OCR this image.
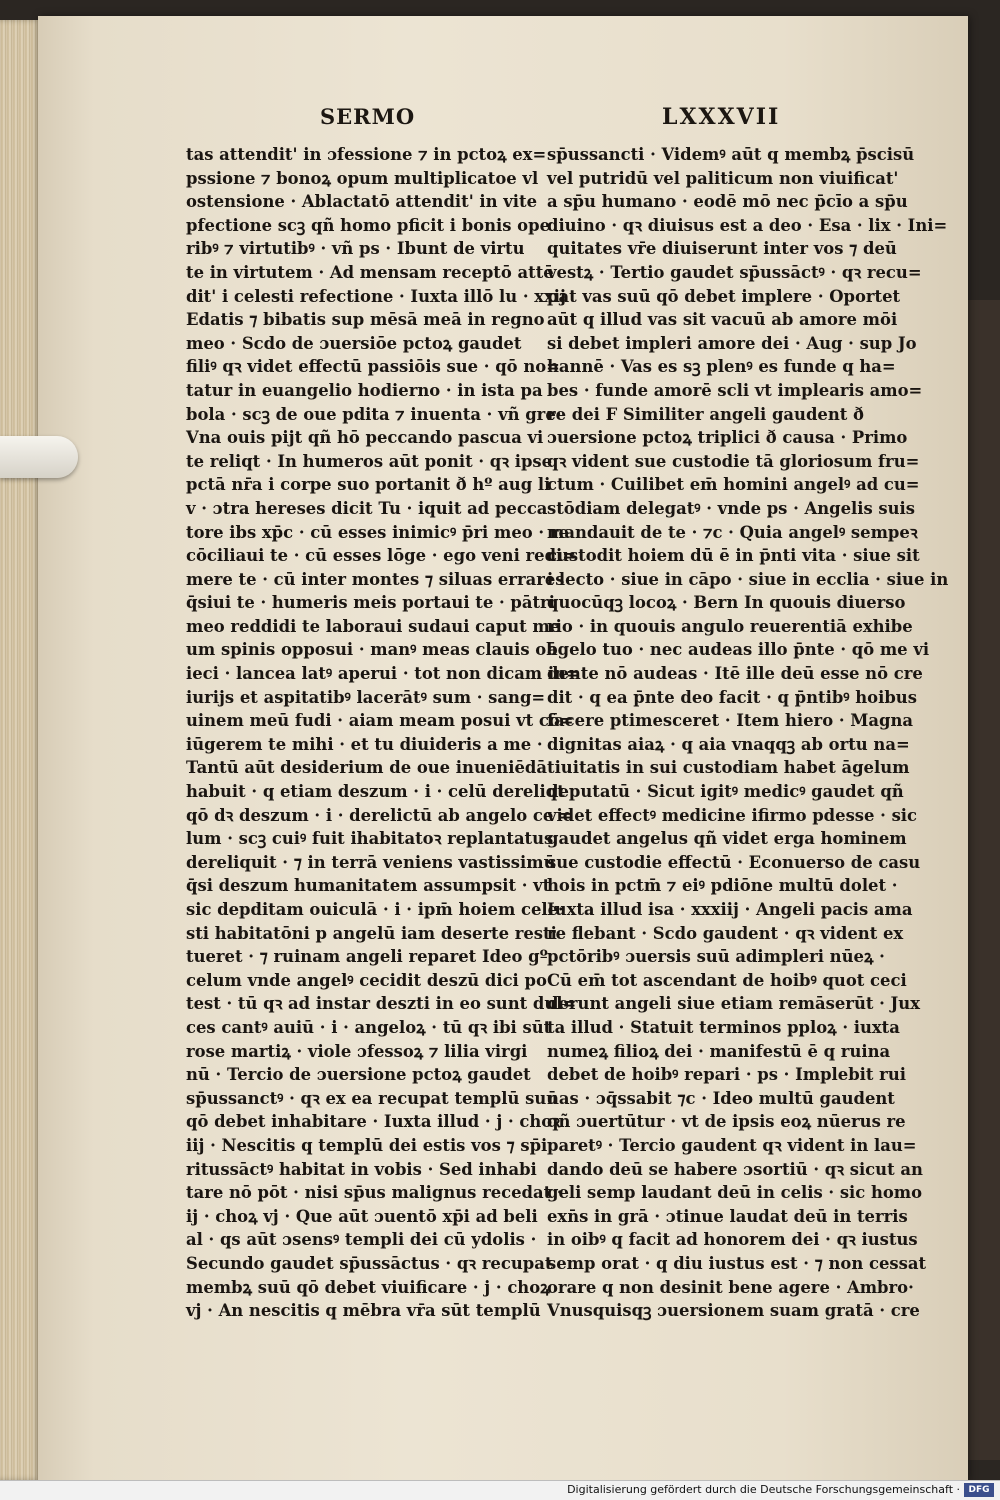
SERMO	LXXXVII
tas attendit' in ɔfessione ⁊ in pctoꝝ ex=
pssione ⁊ bonoꝝ opum multiplicatoe vl
ostensione · Ablactatō attendit' in vite
pfectione scꝫ qñ homo pficit i bonis ope
ribꝰ ⁊ virtutibꝰ · vñ ps · Ibunt de virtu
te in virtutem · Ad mensam receptō attē
dit' i celesti refectione · Iuxta illō lu · xxij
Edatis ⁊ bibatis sup mēsā meā in regno
meo · Scdo de ɔuersiōe pctoꝝ gaudet
filiꝰ qꝛ videt effectū passiōis sue · qō no=
tatur in euangelio hodierno · in ista pa
bola · scꝫ de oue pdita ⁊ inuenta · vñ gre·
Vna ouis pijt qñ hō peccando pascua vi
te reliqt · In humeros aūt ponit · qꝛ ipse
pctā nr̄a i corpe suo portanit ð hº aug li
v · ɔtra hereses dicit Tu · iquit ad pecca
tore ibs xp̄c · cū esses inimicꝰ p̄ri meo · re
cōciliaui te · cū esses lōge · ego veni redi=
mere te · cū inter montes ⁊ siluas errares
q̄siui te · humeris meis portaui te · pātri
meo reddidi te laboraui sudaui caput me
um spinis opposui · manꝰ meas clauis ob
ieci · lancea latꝰ aperui · tot non dicam in=
iurijs et aspitatibꝰ lacerātꝰ sum · sang=
uinem meū fudi · aiam meam posui vt cō=
iūgerem te mihi · et tu diuideris a me ·
Tantū aūt desiderium de oue inueniēdā
habuit · q etiam deszum · i · celū dereliqt
qō dꝛ deszum · i · derelictū ab angelo ce =
lum · scꝫ cuiꝰ fuit ihabitatoꝛ replantatus
dereliquit · ⁊ in terrā veniens vastissimū
q̄si deszum humanitatem assumpsit · vt
sic depditam ouiculā · i · ipm̄ hoiem cele·
sti habitatōni p angelū iam deserte resti
tueret · ⁊ ruinam angeli reparet Ideo gº
celum vnde angelꝰ cecidit deszū dici po
test · tū qꝛ ad instar deszti in eo sunt dul=
ces cantꝰ auiū · i · angeloꝝ · tū qꝛ ibi sūt
rose martiꝝ · viole ɔfessoꝝ ⁊ lilia virgi
nū · Tercio de ɔuersione pctoꝝ gaudet
sp̄ussanctꝰ · qꝛ ex ea recupat templū suū
qō debet inhabitare · Iuxta illud · j · choꝛ
iij · Nescitis q templū dei estis vos ⁊ sp̄i
ritussāctꝰ habitat in vobis · Sed inhabi
tare nō pōt · nisi sp̄us malignus recedat ·
ij · choꝝ vj · Que aūt ɔuentō xp̄i ad beli
al · qs aūt ɔsensꝰ templi dei cū ydolis ·
Secundo gaudet sp̄ussāctus · qꝛ recupat
membꝝ suū qō debet viuificare · j · choꝝ
vj · An nescitis q mēbra vr̄a sūt templū
sp̄ussancti · Videmꝰ aūt q membꝝ p̄scisū
vel putridū vel paliticum non viuificat'
a sp̄u humano · eodē mō nec p̄cīo a sp̄u
diuino · qꝛ diuisus est a deo · Esa · lix · Ini=
quitates vr̄e diuiserunt inter vos ⁊ deū
vestꝝ · Tertio gaudet sp̄ussāctꝰ · qꝛ recu=
pat vas suū qō debet implere · Oportet
aūt q illud vas sit vacuū ab amore mōi
si debet impleri amore dei · Aug · sup Jo
hannē · Vas es sꝫ plenꝰ es funde q ha=
bes · funde amorē scli vt implearis amo=
re dei F Similiter angeli gaudent ð
ɔuersione pctoꝝ triplici ð causa · Primo
qꝛ vident sue custodie tā gloriosum fru=
ctum · Cuilibet em̄ homini angelꝰ ad cu=
stōdiam delegatꝰ · vnde ps · Angelis suis
mandauit de te · ⁊c · Quia angelꝰ sempeꝛ
custodit hoiem dū ē in p̄nti vita · siue sit
i lecto · siue in cāpo · siue in ecclia · siue in
quocūqꝫ locoꝝ · Bern In quouis diuerso
rio · in quouis angulo reuerentiā exhibe
āgelo tuo · nec audeas illo p̄nte · qō me vi
dente nō audeas · Itē ille deū esse nō cre
dit · q ea p̄nte deo facit · q p̄ntibꝰ hoibus
facere ptimesceret · Item hiero · Magna
dignitas aiaꝝ · q aia vnaqqꝫ ab ortu na=
tiuitatis in sui custodiam habet āgelum
deputatū · Sicut igitꝰ medicꝰ gaudet qñ
videt effectꝰ medicine ifirmo pdesse · sic
gaudet angelus qñ videt erga hominem
sue custodie effectū · Econuerso de casu
hois in pctm̄ ⁊ eiꝰ pdiōne multū dolet ·
Iuxta illud isa · xxxiij · Angeli pacis ama
re flebant · Scdo gaudent · qꝛ vident ex
pctōribꝰ ɔuersis suū adimpleri nūeꝝ ·
Cū em̄ tot ascendant de hoibꝰ quot ceci
derunt angeli siue etiam remāserūt · Jux
ta illud · Statuit terminos pploꝝ · iuxta
numeꝝ filioꝝ dei · manifestū ē q ruina
debet de hoibꝰ repari · ps · Implebit rui
nas · ɔq̄ssabit ⁊c · Ideo multū gaudent
qñ ɔuertūtur · vt de ipsis eoꝝ nūerus re
paretꝰ · Tercio gaudent qꝛ vident in lau=
dando deū se habere ɔsortiū · qꝛ sicut an
geli semp laudant deū in celis · sic homo
exn̄s in grā · ɔtinue laudat deū in terris
in oibꝰ q facit ad honorem dei · qꝛ iustus
semp orat · q diu iustus est · ⁊ non cessat
orare q non desinit bene agere · Ambro·
Vnusquisqꝫ ɔuersionem suam gratā · cre
Digitalisierung gefördert durch die Deutsche Forschungsgemeinschaft · DFG
